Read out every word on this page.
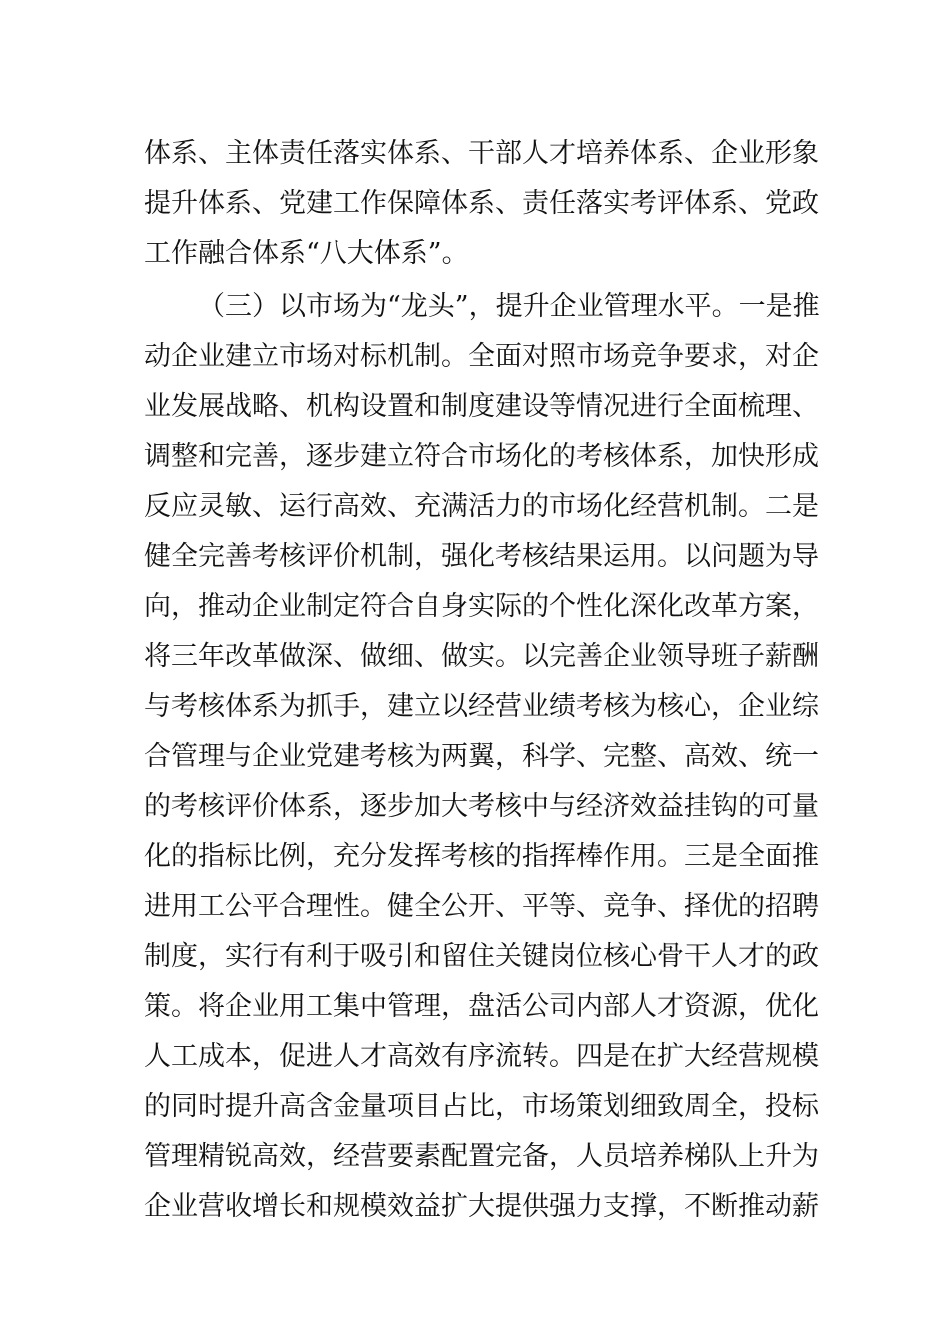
体系、主体责任落实体系、干部人才培养体系、企业形象
提升体系、党建工作保障体系、责任落实考评体系、党政
工作融合体系“八大体系”。
（三）以市场为“龙头”，提升企业管理水平。一是推
动企业建立市场对标机制。全面对照市场竞争要求，对企
业发展战略、机构设置和制度建设等情况进行全面梳理、
调整和完善，逐步建立符合市场化的考核体系，加快形成
反应灵敏、运行高效、充满活力的市场化经营机制。二是
健全完善考核评价机制，强化考核结果运用。以问题为导
向，推动企业制定符合自身实际的个性化深化改革方案，
将三年改革做深、做细、做实。以完善企业领导班子薪酬
与考核体系为抓手，建立以经营业绩考核为核心，企业综
合管理与企业党建考核为两翼，科学、完整、高效、统一
的考核评价体系，逐步加大考核中与经济效益挂钩的可量
化的指标比例，充分发挥考核的指挥棒作用。三是全面推
进用工公平合理性。健全公开、平等、竞争、择优的招聘
制度，实行有利于吸引和留住关键岗位核心骨干人才的政
策。将企业用工集中管理，盘活公司内部人才资源，优化
人工成本，促进人才高效有序流转。四是在扩大经营规模
的同时提升高含金量项目占比，市场策划细致周全，投标
管理精锐高效，经营要素配置完备，人员培养梯队上升为
企业营收增长和规模效益扩大提供强力支撑，不断推动薪
